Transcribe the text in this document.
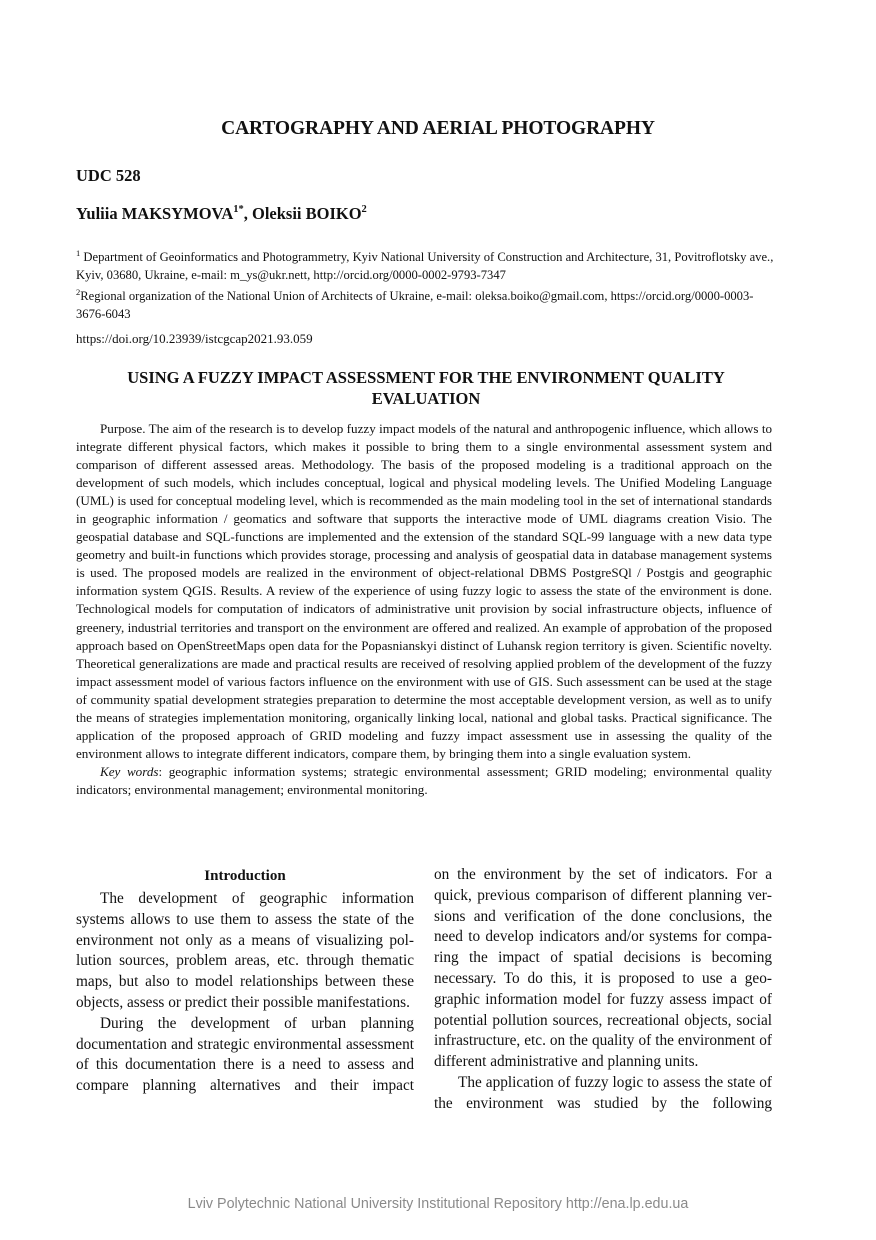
CARTOGRAPHY AND AERIAL PHOTOGRAPHY
UDC 528
Yuliia $MAKSYMOVA^{1*}$, Oleksii BOIKO$^2$

$^1$ Department of Geoinformatics and Photogrammetry, Kyiv National University of Construction and Architecture, 31, Povitroflotsky ave., Kyiv, 03680, Ukraine, e-mail: m_ys@ukr.nett, http://orcid.org/0000-0002-9793-7347

$^2$Regional organization of the National Union of Architects of Ukraine, e-mail: oleksa.boiko@gmail.com, https://orcid.org/0000-0003-3676-6043

https://doi.org/10.23939/istcgcap2021.93.059
USING A FUZZY IMPACT ASSESSMENT FOR THE ENVIRONMENT QUALITY EVALUATION

Purpose. The aim of the research is to develop fuzzy impact models of the natural and anthropogenic influence, which allows to integrate different physical factors, which makes it possible to bring them to a single environmental assessment system and comparison of different assessed areas. Methodology. The basis of the proposed modeling is a traditional approach on the development of such models, which includes conceptual, logical and physical modeling levels. The Unified Modeling Language (UML) is used for conceptual modeling level, which is recommended as the main modeling tool in the set of international standards in geographic information / geomatics and software that supports the interactive mode of UML diagrams creation Visio. The geospatial database and SQL-functions are implemented and the extension of the standard SQL-99 language with a new data type geometry and built-in functions which provides storage, processing and analysis of geospatial data in database management systems is used. The proposed models are realized in the environment of object-relational DBMS PostgreSQl / Postgis and geographic information system QGIS. Results. A review of the experience of using fuzzy logic to assess the state of the environment is done. Technological models for computation of indicators of administrative unit provision by social infrastructure objects, influence of greenery, industrial territories and transport on the environment are offered and realized. An example of approbation of the proposed approach based on OpenStreetMaps open data for the Popasnianskyi distinct of Luhansk region territory is given. Scientific novelty. Theoretical generalizations are made and practical results are received of resolving applied problem of the development of the fuzzy impact assessment model of various factors influence on the environment with use of GIS. Such assessment can be used at the stage of community spatial development strategies preparation to determine the most acceptable development version, as well as to unify the means of strategies implementation monitoring, organically linking local, national and global tasks. Practical significance. The application of the proposed approach of GRID modeling and fuzzy impact assessment use in assessing the quality of the environment allows to integrate different indicators, compare them, by bringing them into a single evaluation system.

Key words: geographic information systems; strategic environmental assessment; GRID modeling; environmental quality indicators; environmental management; environmental monitoring.

Introduction

The development of geographic information systems allows to use them to assess the state of the environment not only as a means of visualizing pollution sources, problem areas, etc. through thematic maps, but also to model relationships between these objects, assess or predict their possible manifestations.

During the development of urban planning documentation and strategic environmental assessment of this documentation there is a need to assess and compare planning alternatives and their impact

on the environment by the set of indicators. For a quick, previous comparison of different planning versions and verification of the done conclusions, the need to develop indicators and/or systems for comparing the impact of spatial decisions is becoming necessary. To do this, it is proposed to use a geographic information model for fuzzy assess impact of potential pollution sources, recreational objects, social infrastructure, etc. on the quality of the environment of different administrative and planning units.

The application of fuzzy logic to assess the state of the environment was studied by the following

Lviv Polytechnic National University Institutional Repository http://ena.lp.edu.ua
